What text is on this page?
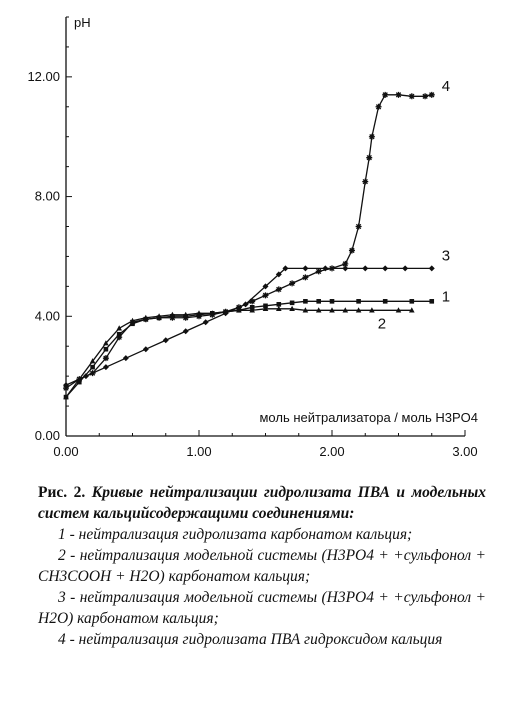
0.00	1.00	2.00	3.00
0.00
4.00
8.00
12.00
1
2
3
4
pH
моль нейтрализатора / моль H3PO4

Рис. 2. Кривые нейтрализации гидролизата ПВА и модельных систем кальцийсодержащими соединениями:

1 - нейтрализация гидролизата карбонатом кальция;

2 - нейтрализация модельной системы (H3PO4 + +сульфонол + CH3COOH + H2O) карбонатом кальция;

3 - нейтрализация модельной системы (H3PO4 + +сульфонол + H2O) карбонатом кальция;

4 - нейтрализация гидролизата ПВА гидроксидом кальция
